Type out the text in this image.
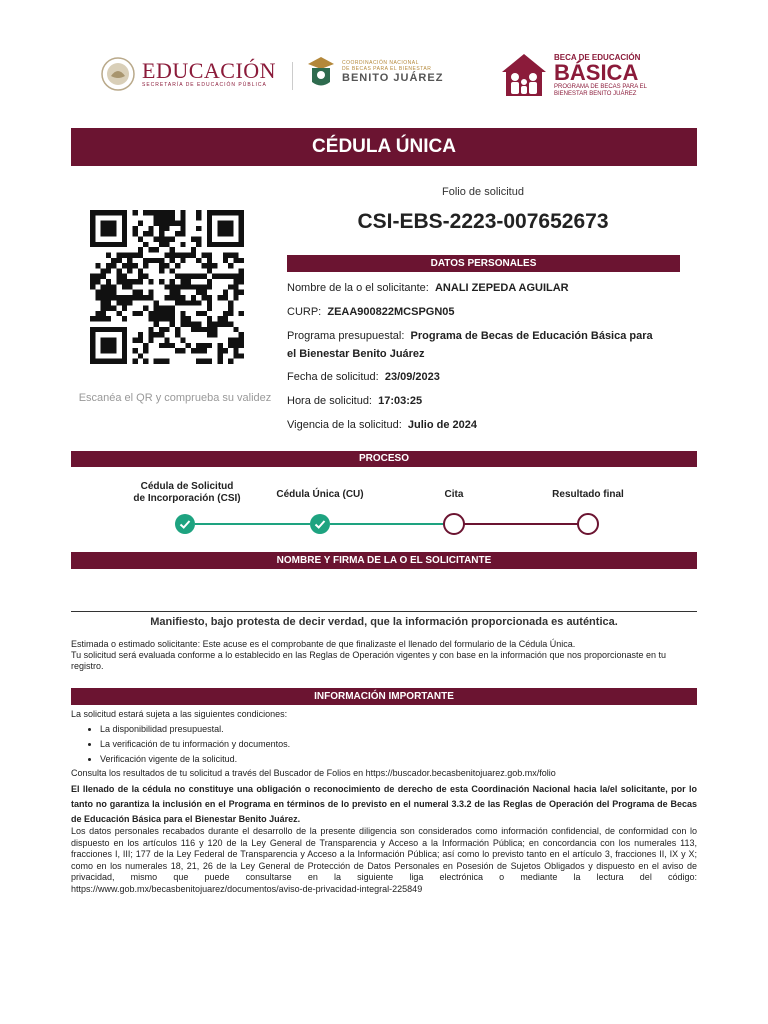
EDUCACIÓN
SECRETARÍA DE EDUCACIÓN PÚBLICA
COORDINACIÓN NACIONAL
DE BECAS PARA EL BIENESTAR
BENITO JUÁREZ
BECA DE EDUCACIÓN
BÁSICA
PROGRAMA DE BECAS PARA EL
BIENESTAR BENITO JUÁREZ
CÉDULA ÚNICA
Escanéa el QR y comprueba su validez
Folio de solicitud
CSI-EBS-2223-007652673
DATOS PERSONALES
Nombre de la o el solicitante: ANALI ZEPEDA AGUILAR
CURP: ZEAA900822MCSPGN05
Programa presupuestal: Programa de Becas de Educación Básica para
el Bienestar Benito Juárez
Fecha de solicitud: 23/09/2023
Hora de solicitud: 17:03:25
Vigencia de la solicitud: Julio de 2024
PROCESO
Cédula de Solicitud
de Incorporación (CSI)	Cédula Única (CU)	Cita	Resultado final
NOMBRE Y FIRMA DE LA O EL SOLICITANTE
Manifiesto, bajo protesta de decir verdad, que la información proporcionada es auténtica.
Estimada o estimado solicitante: Este acuse es el comprobante de que finalizaste el llenado del formulario de la Cédula Única.
Tu solicitud será evaluada conforme a lo establecido en las Reglas de Operación vigentes y con base en la información que nos proporcionaste en tu registro.
INFORMACIÓN IMPORTANTE
La solicitud estará sujeta a las siguientes condiciones:
• La disponibilidad presupuestal.
• La verificación de tu información y documentos.
• Verificación vigente de la solicitud.
Consulta los resultados de tu solicitud a través del Buscador de Folios en https://buscador.becasbenitojuarez.gob.mx/folio
El llenado de la cédula no constituye una obligación o reconocimiento de derecho de esta Coordinación Nacional hacia la/el solicitante, por lo tanto no garantiza la inclusión en el Programa en términos de lo previsto en el numeral 3.3.2 de las Reglas de Operación del Programa de Becas de Educación Básica para el Bienestar Benito Juárez.
Los datos personales recabados durante el desarrollo de la presente diligencia son considerados como información confidencial, de conformidad con lo dispuesto en los artículos 116 y 120 de la Ley General de Transparencia y Acceso a la Información Pública; en concordancia con los numerales 113, fracciones I, III; 177 de la Ley Federal de Transparencia y Acceso a la Información Pública; así como lo previsto tanto en el artículo 3, fracciones II, IX y X; como en los numerales 18, 21, 26 de la Ley General de Protección de Datos Personales en Posesión de Sujetos Obligados y dispuesto en el aviso de privacidad, mismo que puede consultarse en la siguiente liga electrónica o mediante la lectura del código: https://www.gob.mx/becasbenitojuarez/documentos/aviso-de-privacidad-integral-225849
